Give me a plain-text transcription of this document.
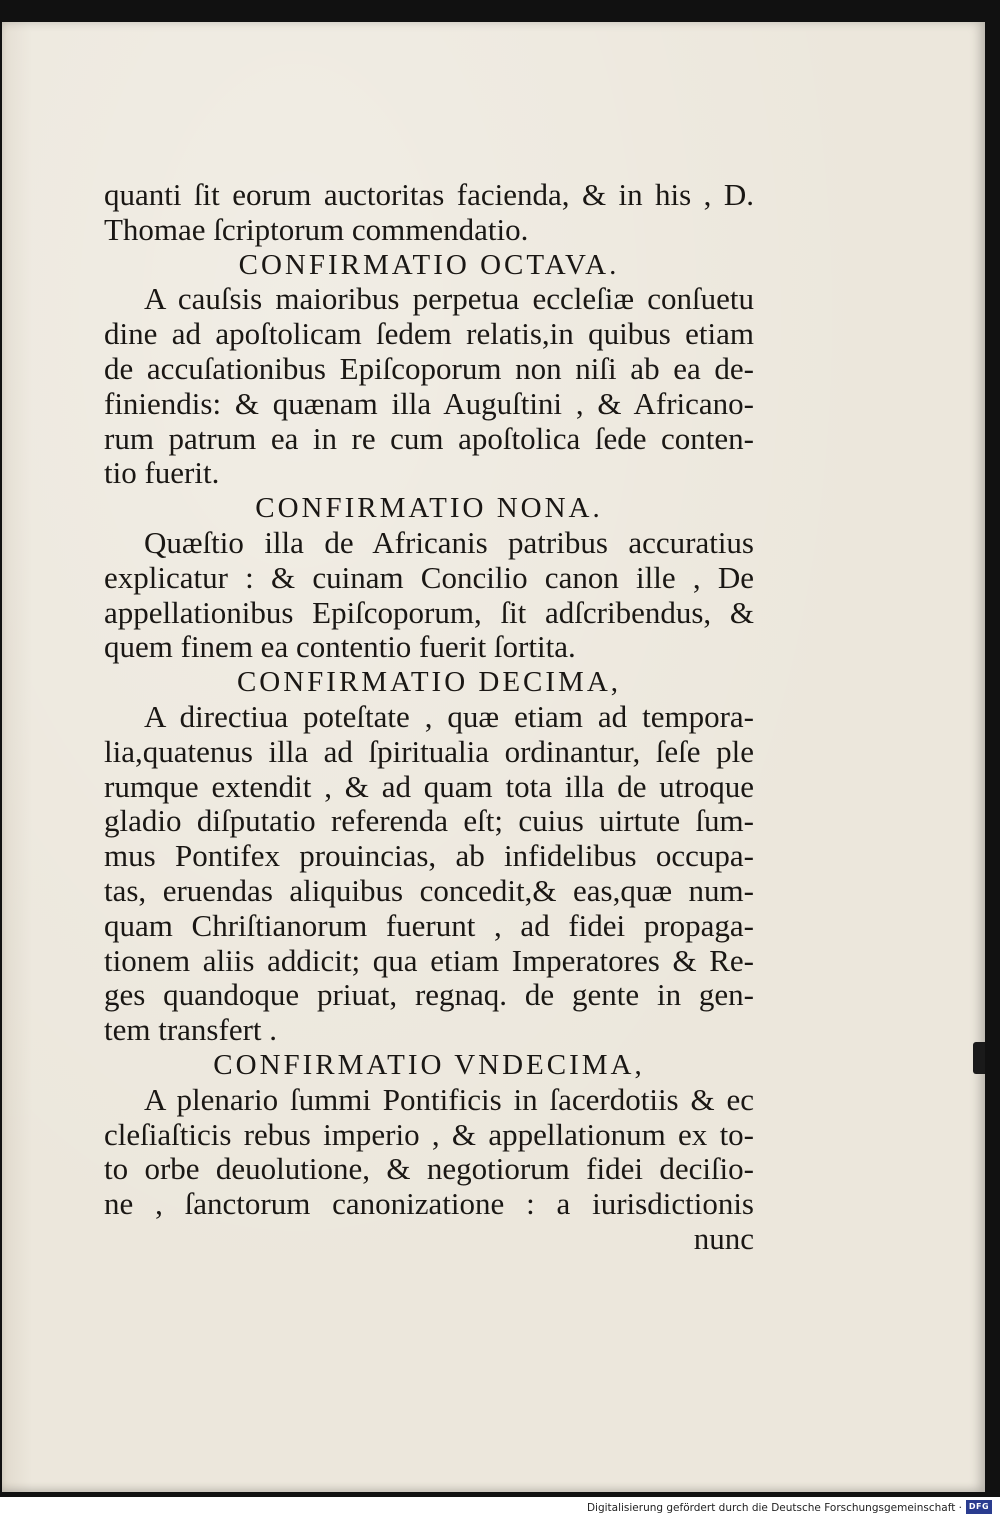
quanti ſit eorum auctoritas facienda, & in his , D.
Thomae ſcriptorum commendatio.
CONFIRMATIO OCTAVA.
A cauſsis maioribus perpetua eccleſiæ conſuetu
dine ad apoſtolicam ſedem relatis,in quibus etiam
de accuſationibus Epiſcoporum non niſi ab ea de-
finiendis: & quænam illa Auguſtini , & Africano-
rum patrum ea in re cum apoſtolica ſede conten-
tio fuerit.
CONFIRMATIO NONA.
Quæſtio illa de Africanis patribus accuratius
explicatur : & cuinam Concilio canon ille , De
appellationibus Epiſcoporum, ſit adſcribendus, &
quem finem ea contentio fuerit ſortita.
CONFIRMATIO DECIMA,
A directiua poteſtate , quæ etiam ad tempora-
lia,quatenus illa ad ſpiritualia ordinantur, ſeſe ple
rumque extendit , & ad quam tota illa de utroque
gladio diſputatio referenda eſt; cuius uirtute ſum-
mus Pontifex prouincias, ab infidelibus occupa-
tas, eruendas aliquibus concedit,& eas,quæ num-
quam Chriſtianorum fuerunt , ad fidei propaga-
tionem aliis addicit; qua etiam Imperatores & Re-
ges quandoque priuat, regnaq. de gente in gen-
tem transfert .
CONFIRMATIO VNDECIMA,
A plenario ſummi Pontificis in ſacerdotiis & ec
cleſiaſticis rebus imperio , & appellationum ex to-
to orbe deuolutione, & negotiorum fidei deciſio-
ne , ſanctorum canonizatione : a iurisdictionis
nunc
Digitalisierung gefördert durch die Deutsche Forschungsgemeinschaft · DFG
